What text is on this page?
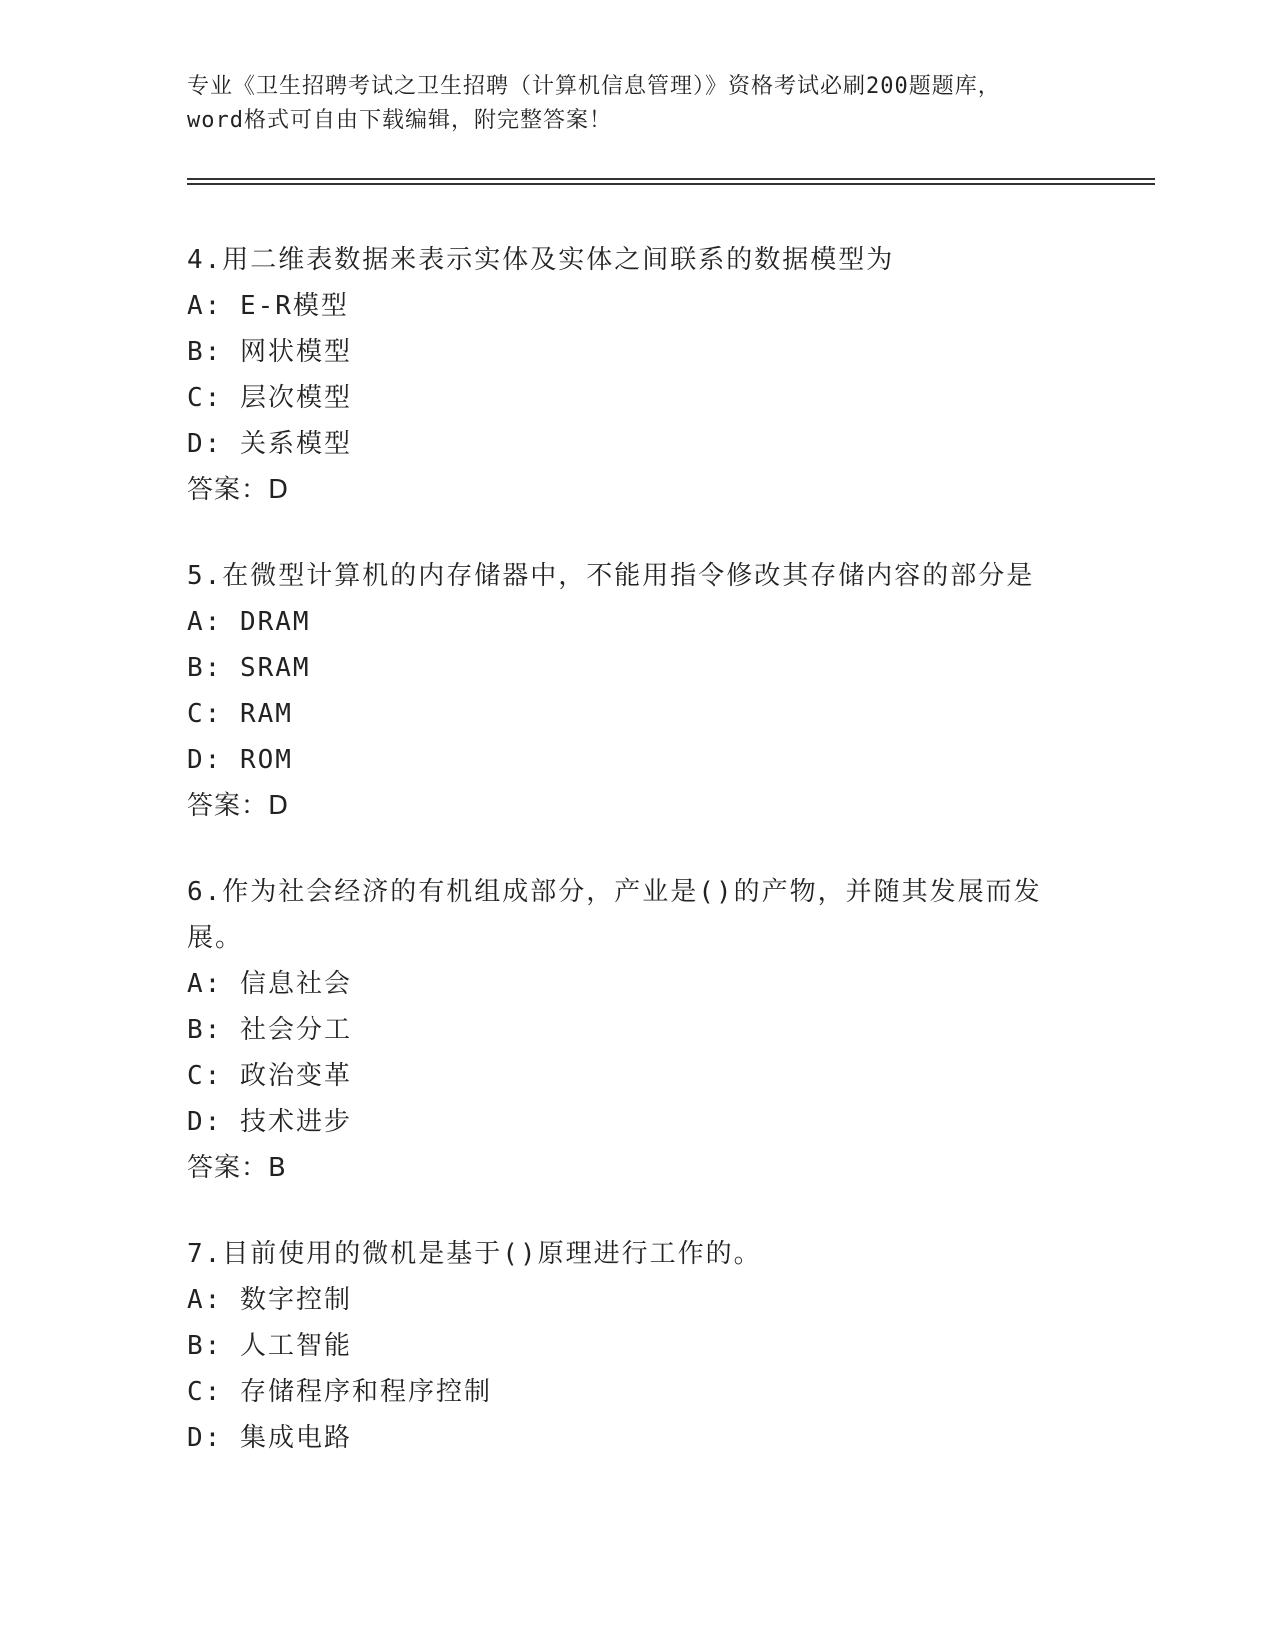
专业《卫生招聘考试之卫生招聘（计算机信息管理）》资格考试必刷200题题库，
word格式可自由下载编辑，附完整答案！

4.用二维表数据来表示实体及实体之间联系的数据模型为

A: E-R模型
B: 网状模型
C: 层次模型
D: 关系模型
答案：D

5.在微型计算机的内存储器中，不能用指令修改其存储内容的部分是

A: DRAM
B: SRAM
C: RAM
D: ROM
答案：D

6.作为社会经济的有机组成部分，产业是()的产物，并随其发展而发展。

A: 信息社会
B: 社会分工
C: 政治变革
D: 技术进步
答案：B

7.目前使用的微机是基于()原理进行工作的。

A: 数字控制
B: 人工智能
C: 存储程序和程序控制
D: 集成电路
